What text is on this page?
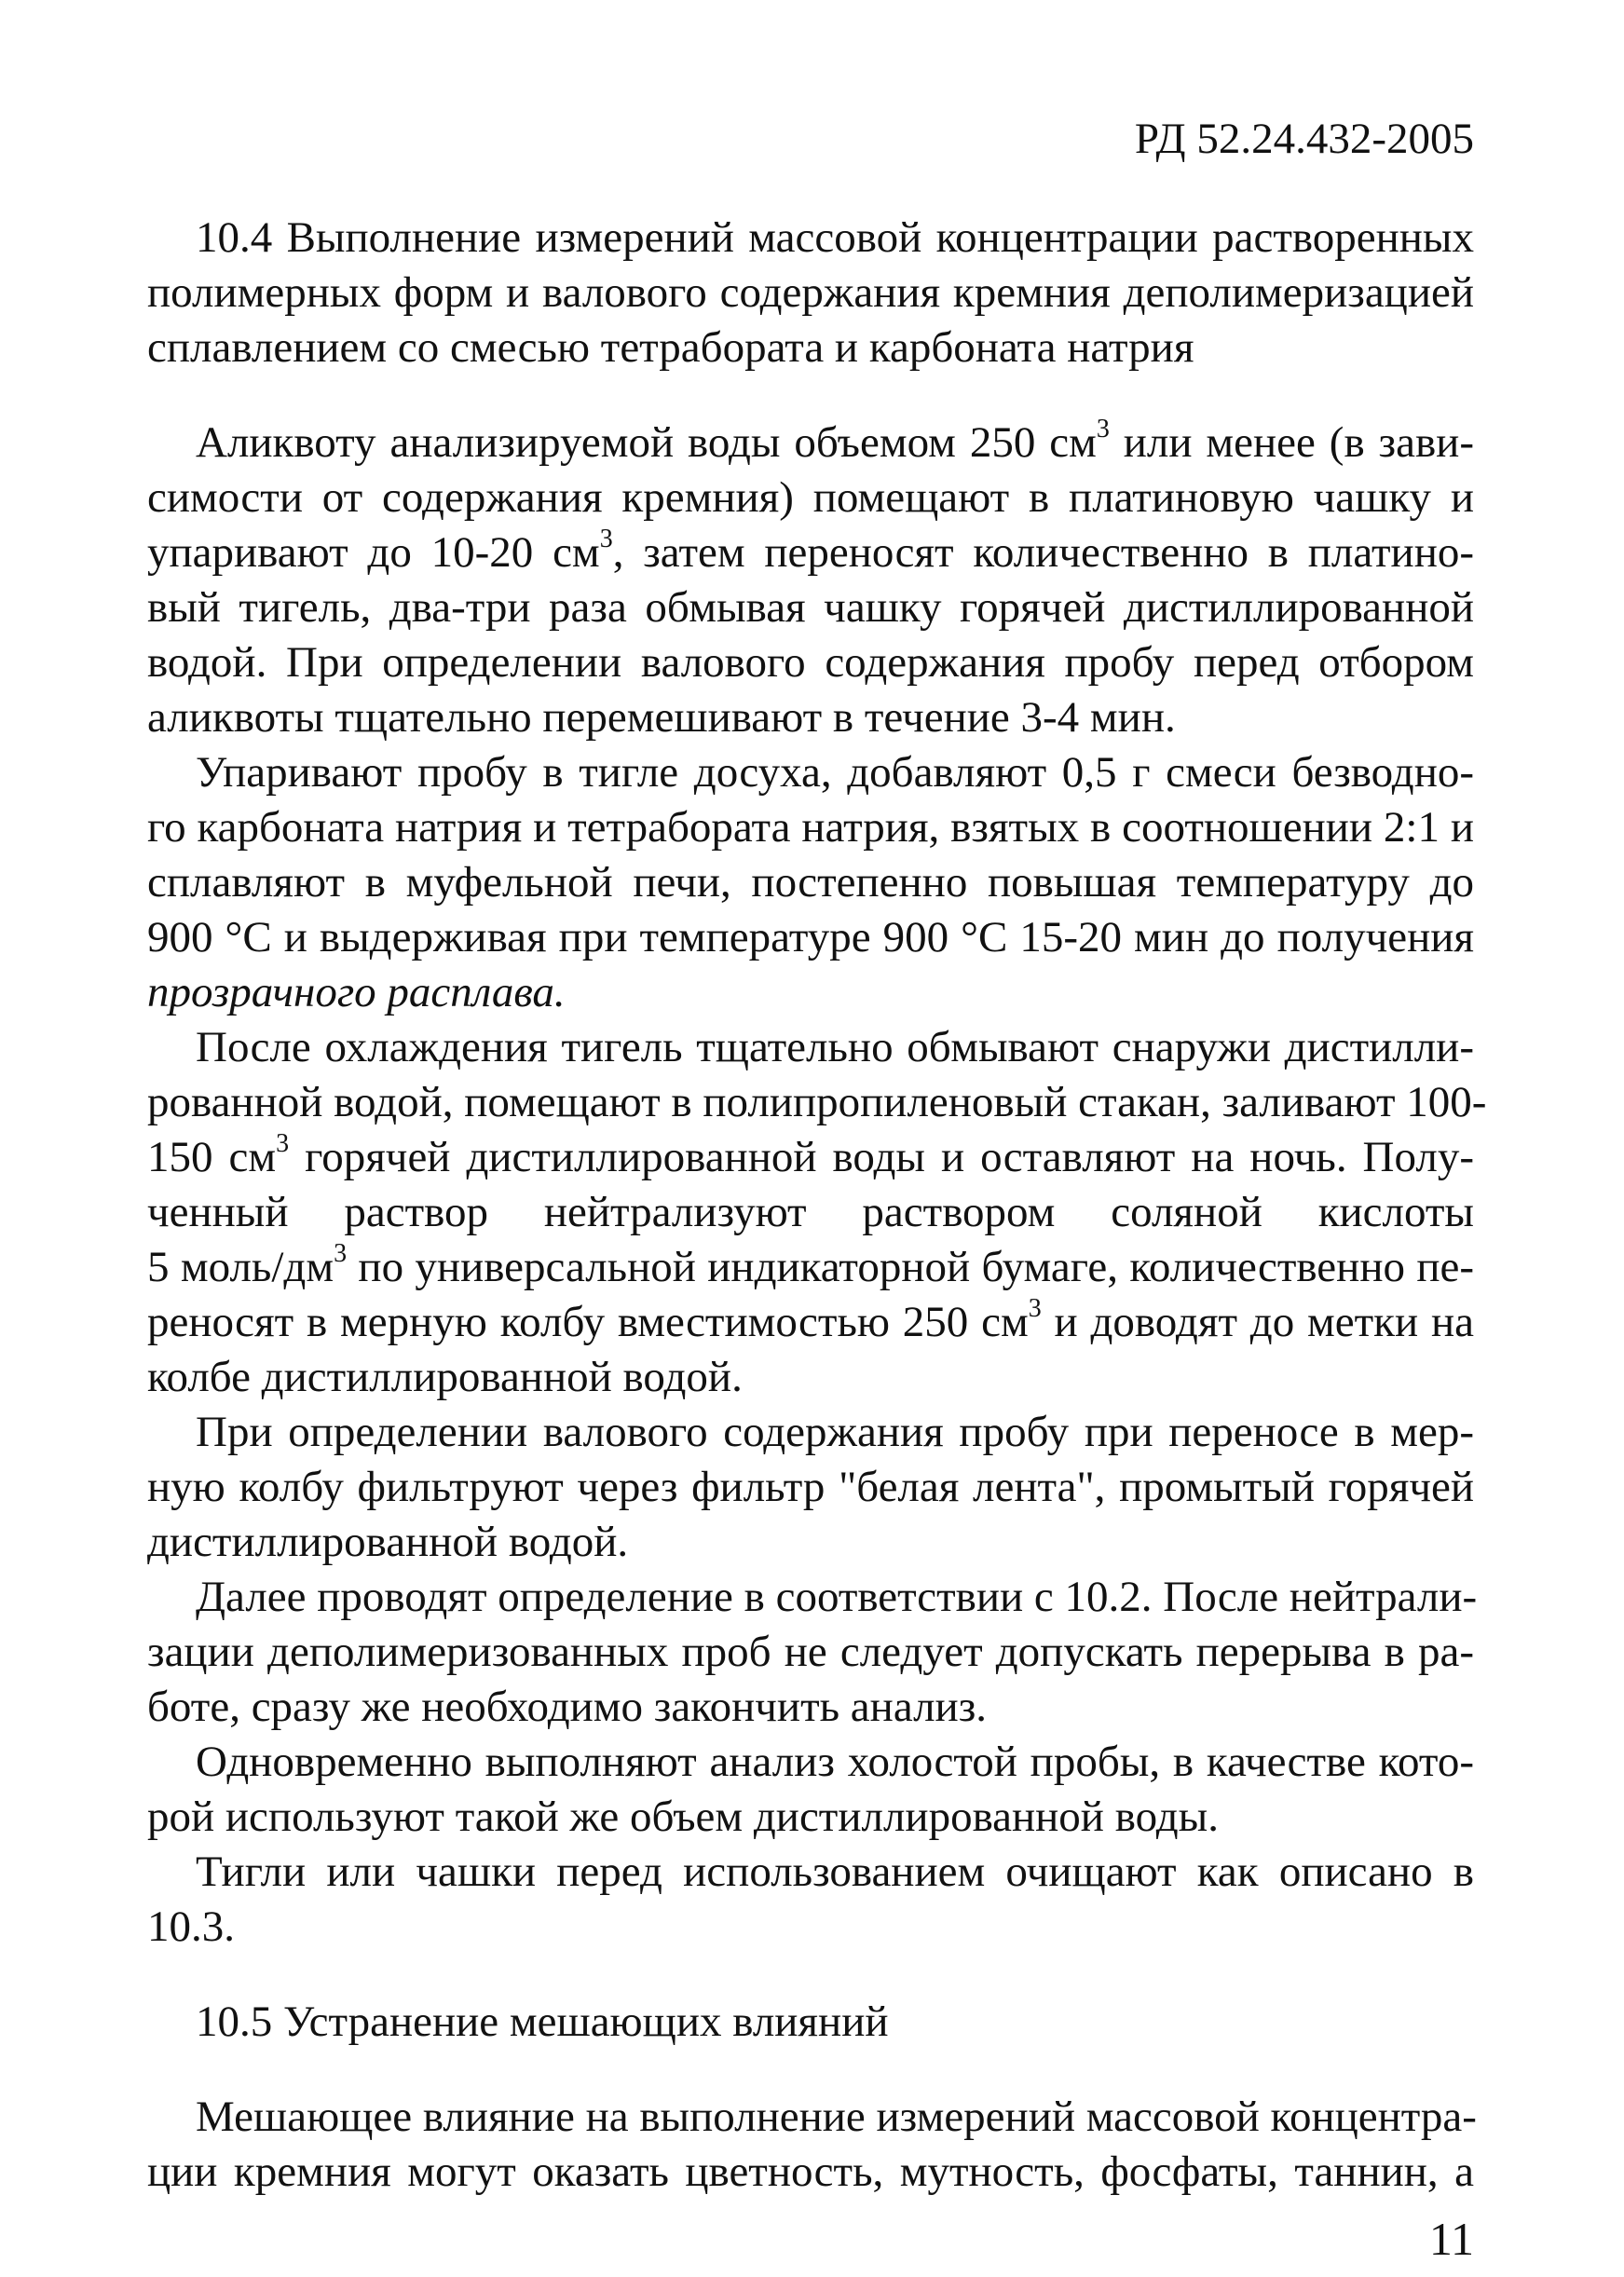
РД 52.24.432-2005
10.4 Выполнение измерений массовой концентрации растворенных
полимерных форм и валового содержания кремния деполимеризацией
сплавлением со смесью тетрабората и карбоната натрия
Аликвоту анализируемой воды объемом 250 $см^3$ или менее (в зави-
симости от содержания кремния) помещают в платиновую чашку и
упаривают до 10-20 $см^3$, затем переносят количественно в платино-
вый тигель, два-три раза обмывая чашку горячей дистиллированной
водой. При определении валового содержания пробу перед отбором
аликвоты тщательно перемешивают в течение 3-4 мин.
Упаривают пробу в тигле досуха, добавляют 0,5 г смеси безводно-
го карбоната натрия и тетрабората натрия, взятых в соотношении 2:1 и
сплавляют в муфельной печи, постепенно повышая температуру до
900 °С и выдерживая при температуре 900 °С 15-20 мин до получения
прозрачного расплава.
После охлаждения тигель тщательно обмывают снаружи дистилли-
рованной водой, помещают в полипропиленовый стакан, заливают 100-
150 $см^3$ горячей дистиллированной воды и оставляют на ночь. Полу-
ченный раствор нейтрализуют раствором соляной кислоты
5 моль/$дм^3$ по универсальной индикаторной бумаге, количественно пе-
реносят в мерную колбу вместимостью 250 $см^3$ и доводят до метки на
колбе дистиллированной водой.
При определении валового содержания пробу при переносе в мер-
ную колбу фильтруют через фильтр "белая лента", промытый горячей
дистиллированной водой.
Далее проводят определение в соответствии с 10.2. После нейтрали-
зации деполимеризованных проб не следует допускать перерыва в ра-
боте, сразу же необходимо закончить анализ.
Одновременно выполняют анализ холостой пробы, в качестве кото-
рой используют такой же объем дистиллированной воды.
Тигли или чашки перед использованием очищают как описано в
10.3.
10.5 Устранение мешающих влияний
Мешающее влияние на выполнение измерений массовой концентра-
ции кремния могут оказать цветность, мутность, фосфаты, таннин, а
11
